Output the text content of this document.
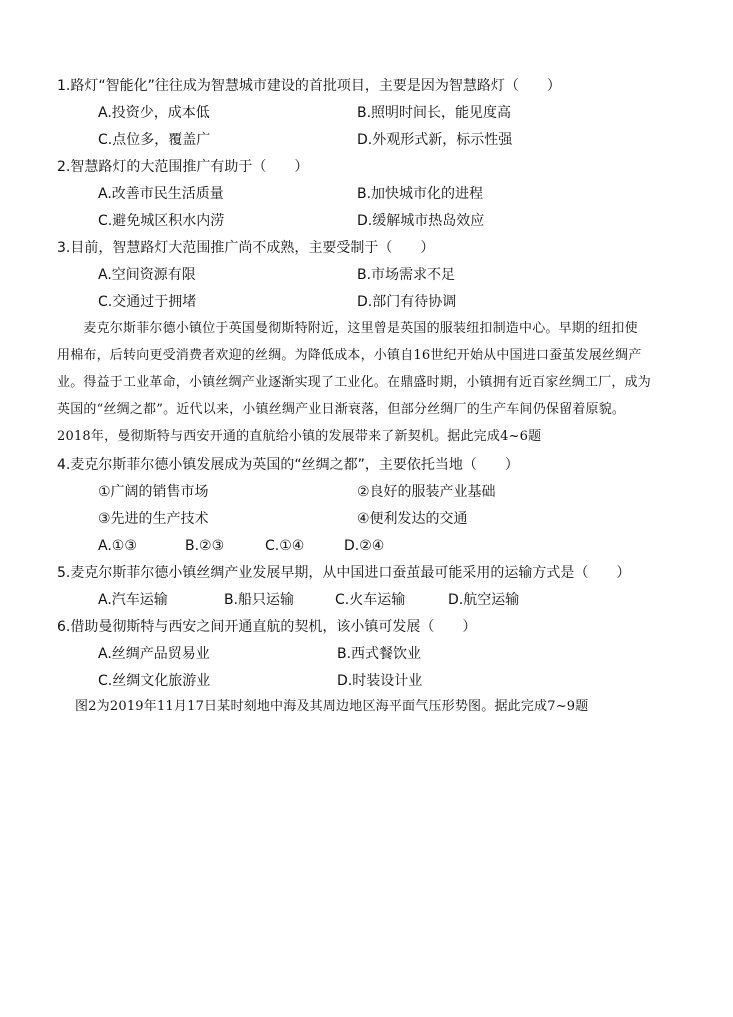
1.路灯“智能化”往往成为智慧城市建设的首批项目，主要是因为智慧路灯（　　）
A.投资少，成本低	B.照明时间长，能见度高
C.点位多，覆盖广	D.外观形式新，标示性强
2.智慧路灯的大范围推广有助于（　　）
A.改善市民生活质量	B.加快城市化的进程
C.避免城区积水内涝	D.缓解城市热岛效应
3.目前，智慧路灯大范围推广尚不成熟，主要受制于（　　）
A.空间资源有限	B.市场需求不足
C.交通过于拥堵	D.部门有待协调
　　麦克尔斯菲尔德小镇位于英国曼彻斯特附近，这里曾是英国的服装纽扣制造中心。早期的纽扣使
用棉布，后转向更受消费者欢迎的丝绸。为降低成本，小镇自16世纪开始从中国进口蚕茧发展丝绸产
业。得益于工业革命，小镇丝绸产业逐渐实现了工业化。在鼎盛时期，小镇拥有近百家丝绸工厂，成为
英国的“丝绸之都”。近代以来，小镇丝绸产业日渐衰落，但部分丝绸厂的生产车间仍保留着原貌。
2018年，曼彻斯特与西安开通的直航给小镇的发展带来了新契机。据此完成4~6题
4.麦克尔斯菲尔德小镇发展成为英国的“丝绸之都”，主要依托当地（　　）
①广阔的销售市场	②良好的服装产业基础
③先进的生产技术	④便利发达的交通
A.①③	B.②③	C.①④	D.②④
5.麦克尔斯菲尔德小镇丝绸产业发展早期，从中国进口蚕茧最可能采用的运输方式是（　　）
A.汽车运输	B.船只运输	C.火车运输	D.航空运输
6.借助曼彻斯特与西安之间开通直航的契机，该小镇可发展（　　）
A.丝绸产品贸易业	B.西式餐饮业
C.丝绸文化旅游业	D.时装设计业
图2为2019年11月17日某时刻地中海及其周边地区海平面气压形势图。据此完成7~9题
